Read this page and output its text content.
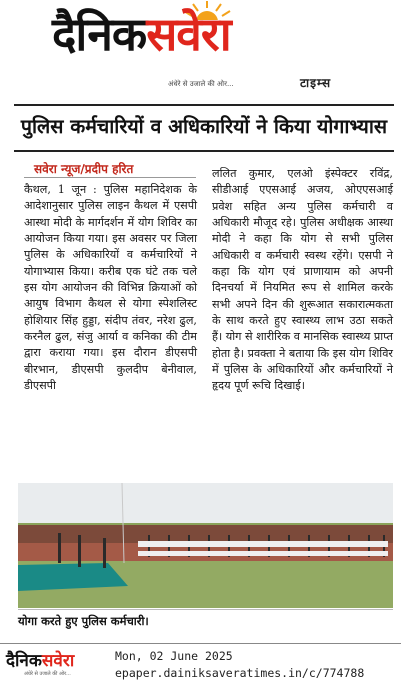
दैनिकसवेरा
अंधेरे से उजाले की ओर...	टाइम्स
पुलिस कर्मचारियों व अधिकारियों ने किया योगाभ्यास
सवेरा न्यूज/प्रदीप हरित
कैथल, 1 जून : पुलिस महानिदेशक के आदेशानुसार पुलिस लाइन कैथल में एसपी आस्था मोदी के मार्गदर्शन में योग शिविर का आयोजन किया गया। इस अवसर पर जिला पुलिस के अधिकारियों व कर्मचारियों ने योगाभ्यास किया। करीब एक घंटे तक चले इस योग आयोजन की विभिन्न क्रियाओं को आयुष विभाग कैथल से योगा स्पेशलिस्ट होशियार सिंह हुड्डा, संदीप तंवर, नरेश ढुल, करनैल ढुल, संजु आर्या व कनिका की टीम द्वारा कराया गया। इस दौरान डीएसपी बीरभान, डीएसपी कुलदीप बेनीवाल, डीएसपी
ललित कुमार, एलओ इंस्पेक्टर रविंद्र, सीडीआई एएसआई अजय, ओएएसआई प्रवेश सहित अन्य पुलिस कर्मचारी व अधिकारी मौजूद रहे। पुलिस अधीक्षक आस्था मोदी ने कहा कि योग से सभी पुलिस अधिकारी व कर्मचारी स्वस्थ रहेंगे। एसपी ने कहा कि योग एवं प्राणायाम को अपनी दिनचर्या में नियमित रूप से शामिल करके सभी अपने दिन की शुरूआत सकारात्मकता के साथ करते हुए स्वास्थ्य लाभ उठा सकते हैं। योग से शारीरिक व मानसिक स्वास्थ्य प्राप्त होता है। प्रवक्ता ने बताया कि इस योग शिविर में पुलिस के अधिकारियों और कर्मचारियों ने हृदय पूर्ण रूचि दिखाई।
योगा करते हुए पुलिस कर्मचारी।
दैनिकसवेरा
अंधेरे से उजाले की ओर...
Mon, 02 June 2025
epaper.dainiksaveratimes.in/c/774788
